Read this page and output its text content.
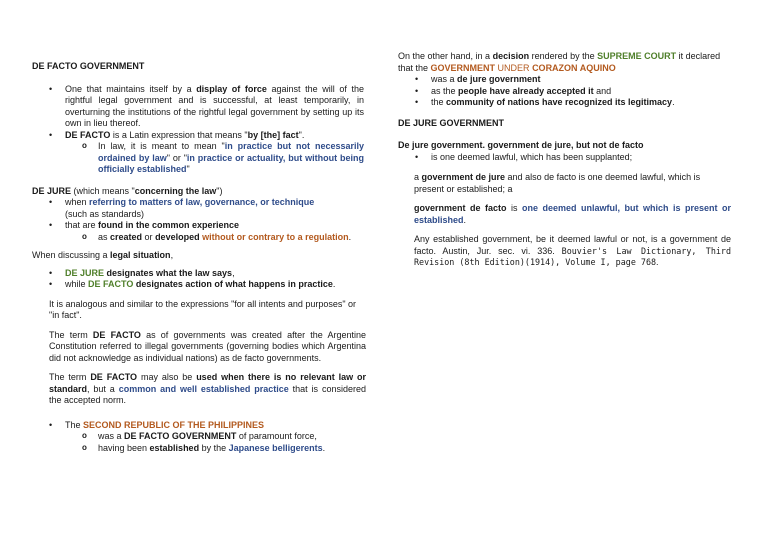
DE FACTO GOVERNMENT
• One that maintains itself by a display of force against the will of the rightful legal government and is successful, at least temporarily, in overturning the institutions of the rightful legal government by setting up its own in lieu thereof.
• DE FACTO is a Latin expression that means "by [the] fact".
o In law, it is meant to mean "in practice but not necessarily ordained by law" or "in practice or actuality, but without being officially established"

DE JURE (which means "concerning the law")

• when referring to matters of law, governance, or technique
(such as standards)
• that are found in the common experience
o as created or developed without or contrary to a regulation.

When discussing a legal situation,

• DE JURE designates what the law says,
• while DE FACTO designates action of what happens in practice.

It is analogous and similar to the expressions "for all intents and purposes" or "in fact".

The term DE FACTO as of governments was created after the Argentine Constitution referred to illegal governments (governing bodies which Argentina did not acknowledge as individual nations) as de facto governments.

The term DE FACTO may also be used when there is no relevant law or standard, but a common and well established practice that is considered the accepted norm.

• The SECOND REPUBLIC OF THE PHILIPPINES
o was a DE FACTO GOVERNMENT of paramount force,
o having been established by the Japanese belligerents.

On the other hand, in a decision rendered by the SUPREME COURT it declared that the GOVERNMENT UNDER CORAZON AQUINO

• was a de jure government
• as the people have already accepted it and
• the community of nations have recognized its legitimacy.
DE JURE GOVERNMENT

De jure government. government de jure, but not de facto

• is one deemed lawful, which has been supplanted;

a government de jure and also de facto is one deemed lawful, which is present or established; a

government de facto is one deemed unlawful, but which is present or established.

Any established government, be it deemed lawful or not, is a government de facto. Austin, Jur. sec. vi. 336. Bouvier's Law Dictionary, Third Revision (8th Edition)(1914), Volume I, page 768.
